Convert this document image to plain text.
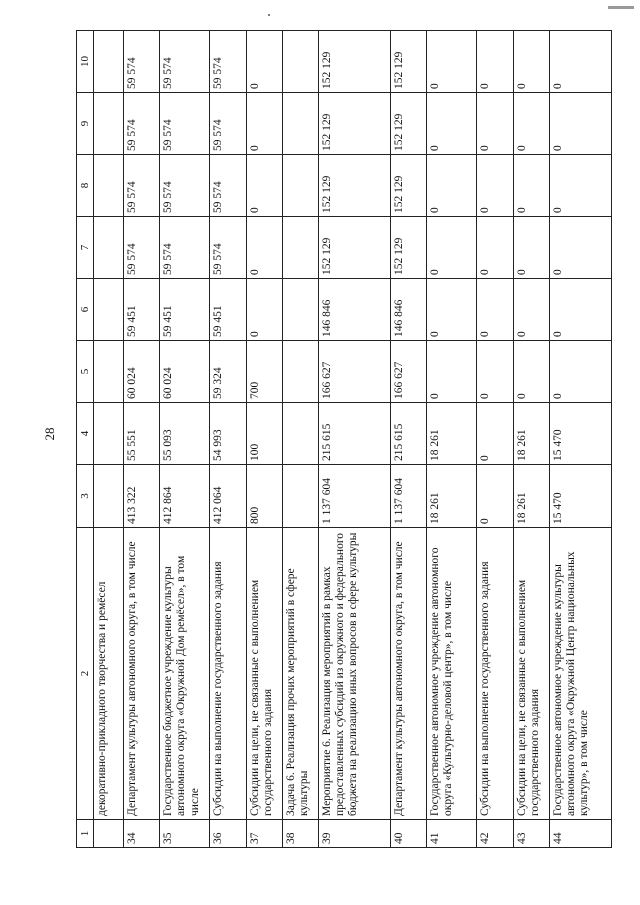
28
1	2	3	4	5	6	7	8	9	10
	декоративно-прикладного творчества и ремёсел								
34	Департамент культуры автономного округа, в том числе	413 322	55 551	60 024	59 451	59 574	59 574	59 574	59 574
35	Государственное бюджетное учреждение культуры автономного округа «Окружной Дом ремёсел», в том числе	412 864	55 093	60 024	59 451	59 574	59 574	59 574	59 574
36	Субсидии на выполнение государственного задания	412 064	54 993	59 324	59 451	59 574	59 574	59 574	59 574
37	Субсидии на цели, не связанные с выполнением государственного задания	800	100	700	0	0	0	0	0
38	Задача 6. Реализация прочих мероприятий в сфере культуры								
39	Мероприятие 6. Реализация мероприятий в рамках предоставленных субсидий из окружного и федерального бюджета на реализацию иных вопросов в сфере культуры	1 137 604	215 615	166 627	146 846	152 129	152 129	152 129	152 129
40	Департамент культуры автономного округа, в том числе	1 137 604	215 615	166 627	146 846	152 129	152 129	152 129	152 129
41	Государственное автономное учреждение автономного округа «Культурно-деловой центр», в том числе	18 261	18 261	0	0	0	0	0	0
42	Субсидии на выполнение государственного задания	0	0	0	0	0	0	0	0
43	Субсидии на цели, не связанные с выполнением государственного задания	18 261	18 261	0	0	0	0	0	0
44	Государственное автономное учреждение культуры автономного округа «Окружной Центр национальных культур», в том числе	15 470	15 470	0	0	0	0	0	0
